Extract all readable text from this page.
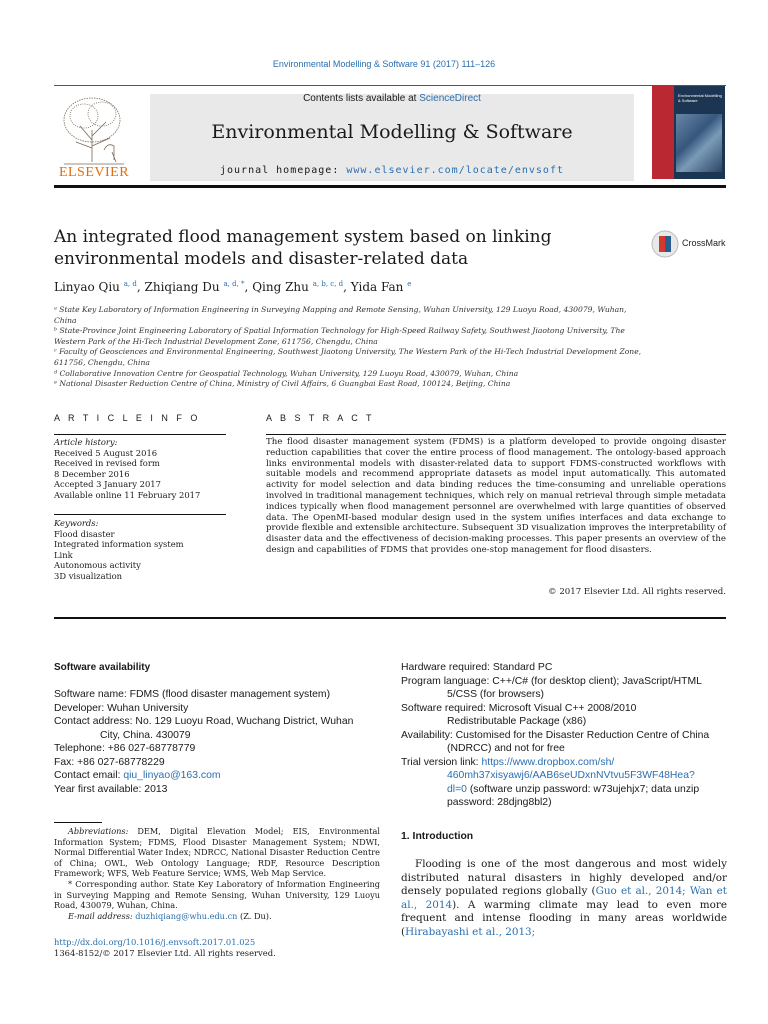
Environmental Modelling & Software 91 (2017) 111–126
ELSEVIER
Contents lists available at ScienceDirect
Environmental Modelling & Software
journal homepage: www.elsevier.com/locate/envsoft
Environmental Modelling & Software
An integrated flood management system based on linking environmental models and disaster-related data
CrossMark
Linyao Qiu $^{a, d}$, Zhiqiang Du $^{a, d, *}$, Qing Zhu $^{a, b, c, d}$, Yida Fan $^e$
ᵃ State Key Laboratory of Information Engineering in Surveying Mapping and Remote Sensing, Wuhan University, 129 Luoyu Road, 430079, Wuhan, China
ᵇ State-Province Joint Engineering Laboratory of Spatial Information Technology for High-Speed Railway Safety, Southwest Jiaotong University, The Western Park of the Hi-Tech Industrial Development Zone, 611756, Chengdu, China
ᶜ Faculty of Geosciences and Environmental Engineering, Southwest Jiaotong University, The Western Park of the Hi-Tech Industrial Development Zone, 611756, Chengdu, China
ᵈ Collaborative Innovation Centre for Geospatial Technology, Wuhan University, 129 Luoyu Road, 430079, Wuhan, China
ᵉ National Disaster Reduction Centre of China, Ministry of Civil Affairs, 6 Guangbai East Road, 100124, Beijing, China
A R T I C L E I N F O
Article history:
Received 5 August 2016
Received in revised form
8 December 2016
Accepted 3 January 2017
Available online 11 February 2017
Keywords:
Flood disaster
Integrated information system
Link
Autonomous activity
3D visualization
A B S T R A C T
The flood disaster management system (FDMS) is a platform developed to provide ongoing disaster reduction capabilities that cover the entire process of flood management. The ontology-based approach links environmental models with disaster-related data to support FDMS-constructed workflows with suitable models and recommend appropriate datasets as model input automatically. This automated activity for model selection and data binding reduces the time-consuming and unreliable operations involved in traditional management techniques, which rely on manual retrieval through simple metadata indices typically when flood management personnel are overwhelmed with large quantities of observed data. The OpenMI-based modular design used in the system unifies interfaces and data exchange to provide flexible and extensible architecture. Subsequent 3D visualization improves the interpretability of disaster data and the effectiveness of decision-making processes. This paper presents an overview of the design and capabilities of FDMS that provides one-stop management for flood disasters.
© 2017 Elsevier Ltd. All rights reserved.
Software availability
Software name: FDMS (flood disaster management system)
Developer: Wuhan University
Contact address: No. 129 Luoyu Road, Wuchang District, Wuhan
City, China. 430079
Telephone: +86 027-68778779
Fax: +86 027-68778229
Contact email: qiu_linyao@163.com
Year first available: 2013
Hardware required: Standard PC
Program language: C++/C# (for desktop client); JavaScript/HTML
5/CSS (for browsers)
Software required: Microsoft Visual C++ 2008/2010
Redistributable Package (x86)
Availability: Customised for the Disaster Reduction Centre of China
(NDRCC) and not for free
Trial version link: https://www.dropbox.com/sh/
460mh37xisyawj6/AAB6seUDxnNVtvu5F3WF48Hea?
dl=0 (software unzip password: w73ujehjx7; data unzip
password: 28djng8bl2)

Abbreviations: DEM, Digital Elevation Model; EIS, Environmental Information System; FDMS, Flood Disaster Management System; NDWI, Normal Differential Water Index; NDRCC, National Disaster Reduction Centre of China; OWL, Web Ontology Language; RDF, Resource Description Framework; WFS, Web Feature Service; WMS, Web Map Service.

* Corresponding author. State Key Laboratory of Information Engineering in Surveying Mapping and Remote Sensing, Wuhan University, 129 Luoyu Road, 430079, Wuhan, China.

E-mail address: duzhiqiang@whu.edu.cn (Z. Du).

http://dx.doi.org/10.1016/j.envsoft.2017.01.025
1364-8152/© 2017 Elsevier Ltd. All rights reserved.
1. Introduction
Flooding is one of the most dangerous and most widely distributed natural disasters in highly developed and/or densely populated regions globally (Guo et al., 2014; Wan et al., 2014). A warming climate may lead to even more frequent and intense flooding in many areas worldwide (Hirabayashi et al., 2013;
